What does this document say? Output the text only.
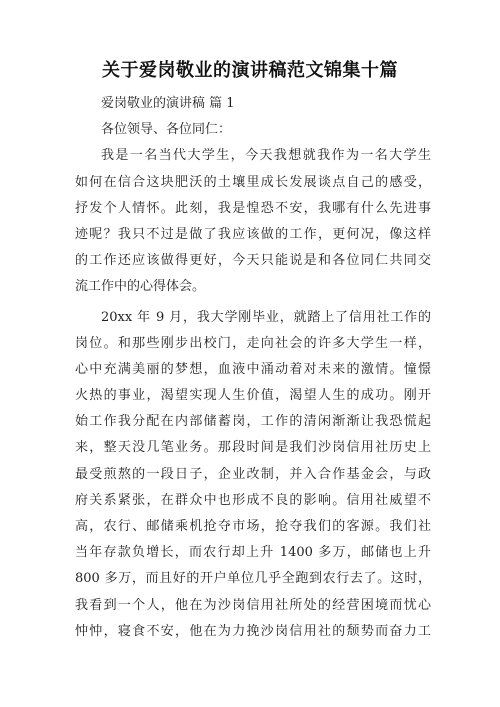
关于爱岗敬业的演讲稿范文锦集十篇
爱岗敬业的演讲稿 篇 1
各位领导、各位同仁：
我是一名当代大学生，今天我想就我作为一名大学生
如何在信合这块肥沃的土壤里成长发展谈点自己的感受，
抒发个人情怀。此刻，我是惶恐不安，我哪有什么先进事
迹呢？我只不过是做了我应该做的工作，更何况，像这样
的工作还应该做得更好，今天只能说是和各位同仁共同交
流工作中的心得体会。
20xx 年 9 月，我大学刚毕业，就踏上了信用社工作的
岗位。和那些刚步出校门，走向社会的许多大学生一样，
心中充满美丽的梦想，血液中涌动着对未来的激情。憧憬
火热的事业，渴望实现人生价值，渴望人生的成功。刚开
始工作我分配在内部储蓄岗，工作的清闲渐渐让我恐慌起
来，整天没几笔业务。那段时间是我们沙岗信用社历史上
最受煎熬的一段日子，企业改制，并入合作基金会，与政
府关系紧张，在群众中也形成不良的影响。信用社威望不
高，农行、邮储乘机抢夺市场，抢夺我们的客源。我们社
当年存款负增长，而农行却上升 1400 多万，邮储也上升
800 多万，而且好的开户单位几乎全跑到农行去了。这时，
我看到一个人，他在为沙岗信用社所处的经营困境而忧心
忡忡，寝食不安，他在为力挽沙岗信用社的颓势而奋力工
